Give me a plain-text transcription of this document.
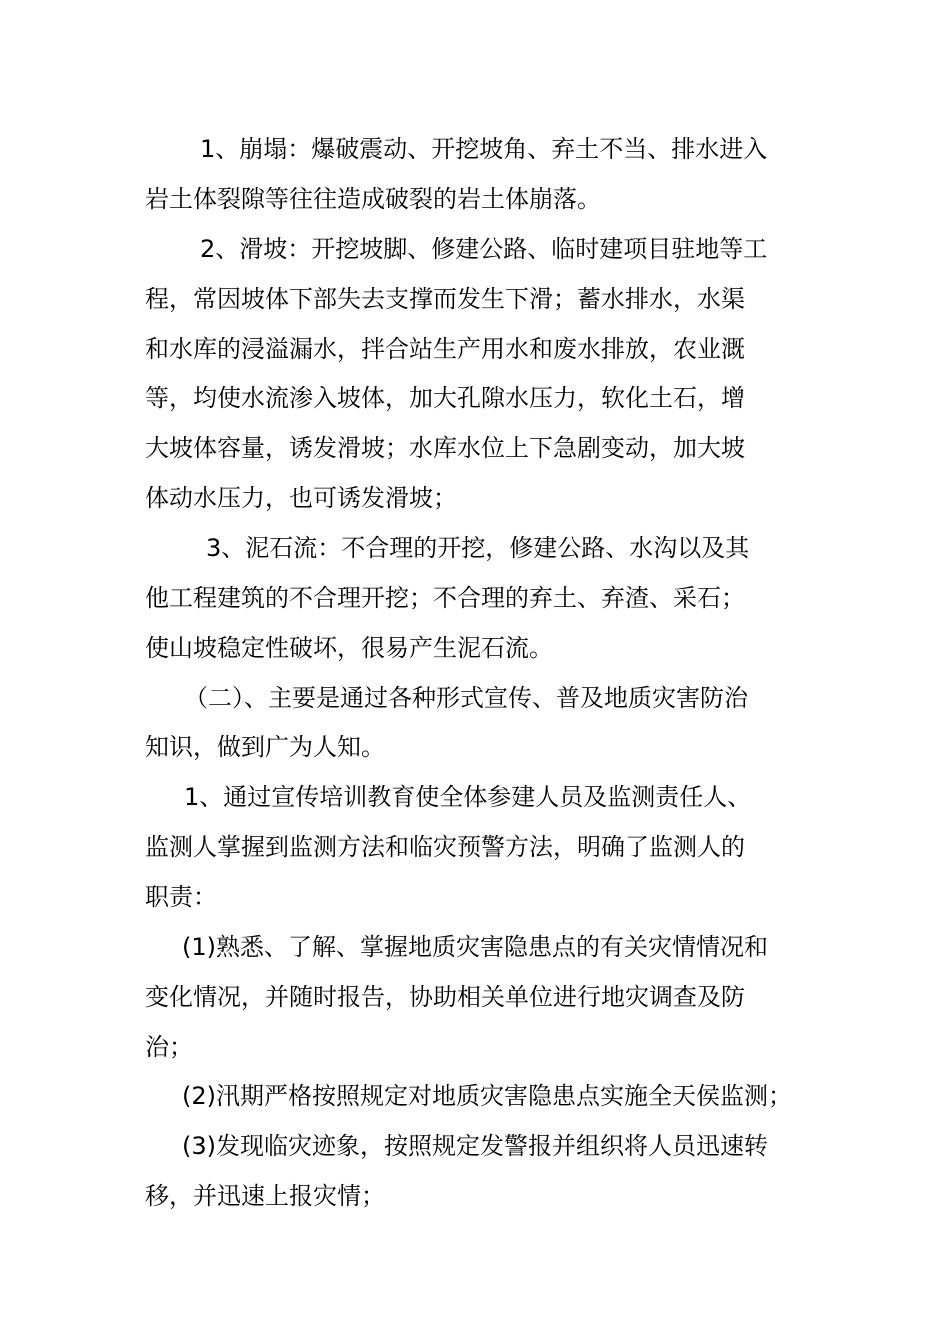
1、崩塌：爆破震动、开挖坡角、弃土不当、排水进入
岩土体裂隙等往往造成破裂的岩土体崩落。
2、滑坡：开挖坡脚、修建公路、临时建项目驻地等工
程，常因坡体下部失去支撑而发生下滑；蓄水排水，水渠
和水库的浸溢漏水，拌合站生产用水和废水排放，农业溉
等，均使水流渗入坡体，加大孔隙水压力，软化土石，增
大坡体容量，诱发滑坡；水库水位上下急剧变动，加大坡
体动水压力，也可诱发滑坡；
3、泥石流：不合理的开挖，修建公路、水沟以及其
他工程建筑的不合理开挖；不合理的弃土、弃渣、采石；
使山坡稳定性破坏，很易产生泥石流。
（二）、主要是通过各种形式宣传、普及地质灾害防治
知识，做到广为人知。
1、通过宣传培训教育使全体参建人员及监测责任人、
监测人掌握到监测方法和临灾预警方法，明确了监测人的
职责：
(1)熟悉、了解、掌握地质灾害隐患点的有关灾情情况和
变化情况，并随时报告，协助相关单位进行地灾调查及防
治；
(2)汛期严格按照规定对地质灾害隐患点实施全天侯监测；
(3)发现临灾迹象，按照规定发警报并组织将人员迅速转
移，并迅速上报灾情；
